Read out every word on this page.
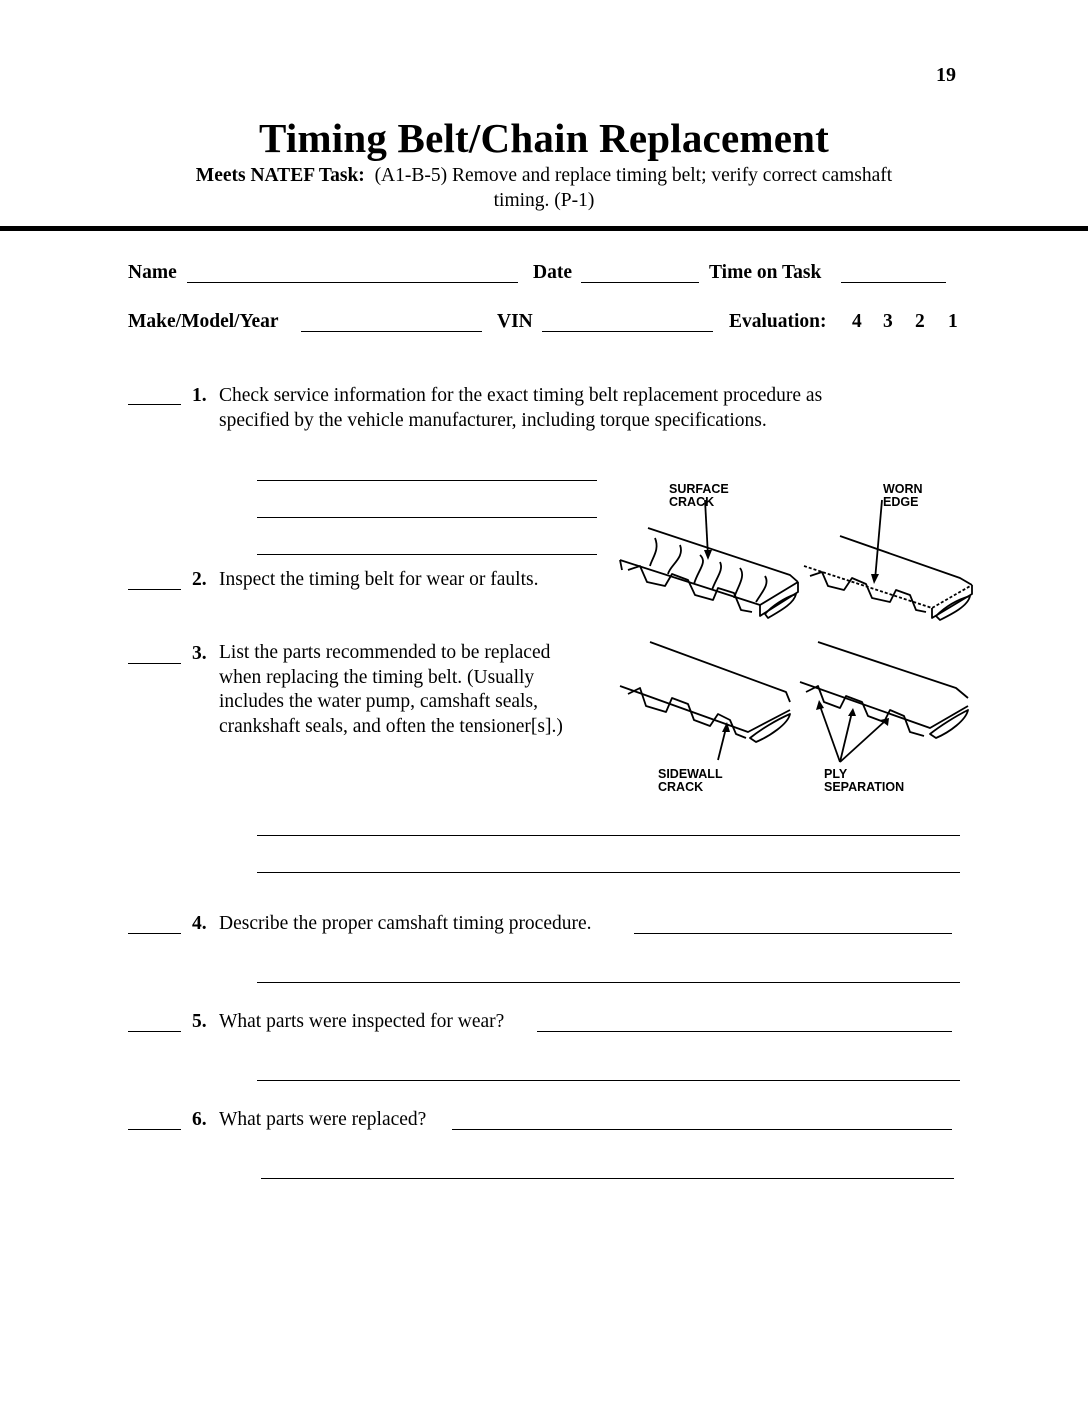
19
Timing Belt/Chain Replacement
Meets NATEF Task: (A1-B-5) Remove and replace timing belt; verify correct camshaft
timing. (P-1)
Name	Date	Time on Task
Make/Model/Year	VIN	Evaluation: 4 3 2 1
1. Check service information for the exact timing belt replacement procedure as
specified by the vehicle manufacturer, including torque specifications.
2. Inspect the timing belt for wear or faults.
3. List the parts recommended to be replaced
when replacing the timing belt. (Usually
includes the water pump, camshaft seals,
crankshaft seals, and often the tensioner[s].)
SURFACE
CRACK
WORN
EDGE
SIDEWALL
CRACK
PLY
SEPARATION
4. Describe the proper camshaft timing procedure.
5. What parts were inspected for wear?
6. What parts were replaced?
